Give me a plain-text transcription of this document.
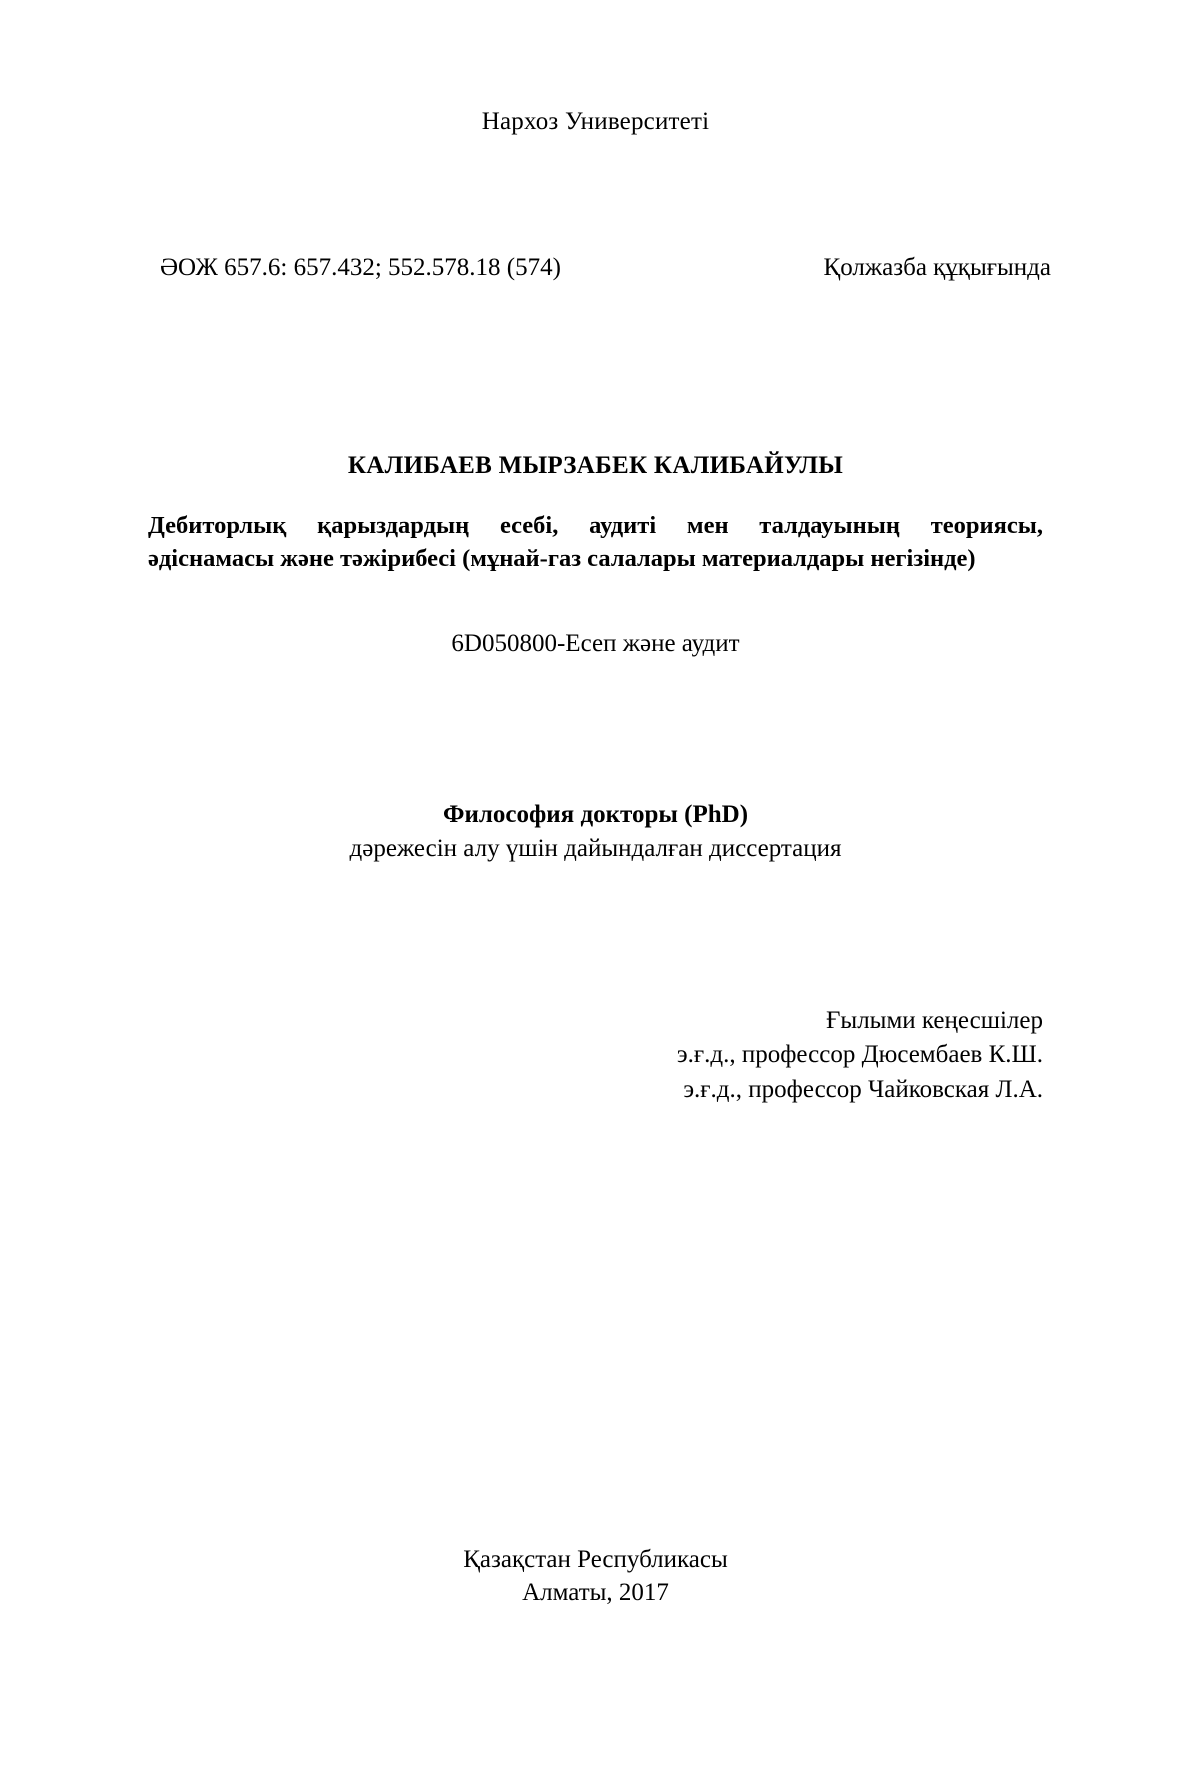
Нархоз Университеті
ӘОЖ 657.6: 657.432; 552.578.18 (574)	Қолжазба құқығында
КАЛИБАЕВ МЫРЗАБЕК КАЛИБАЙУЛЫ
Дебиторлық қарыздардың есебі, аудиті мен талдауының теориясы,
әдіснамасы және тәжірибесі (мұнай-газ салалары материалдары негізінде)
6D050800-Есеп және аудит
Философия докторы (PhD)
дәрежесін алу үшін дайындалған диссертация
Ғылыми кеңесшілер
э.ғ.д., профессор Дюсембаев К.Ш.
э.ғ.д., профессор Чайковская Л.А.
Қазақстан Республикасы
Алматы, 2017
